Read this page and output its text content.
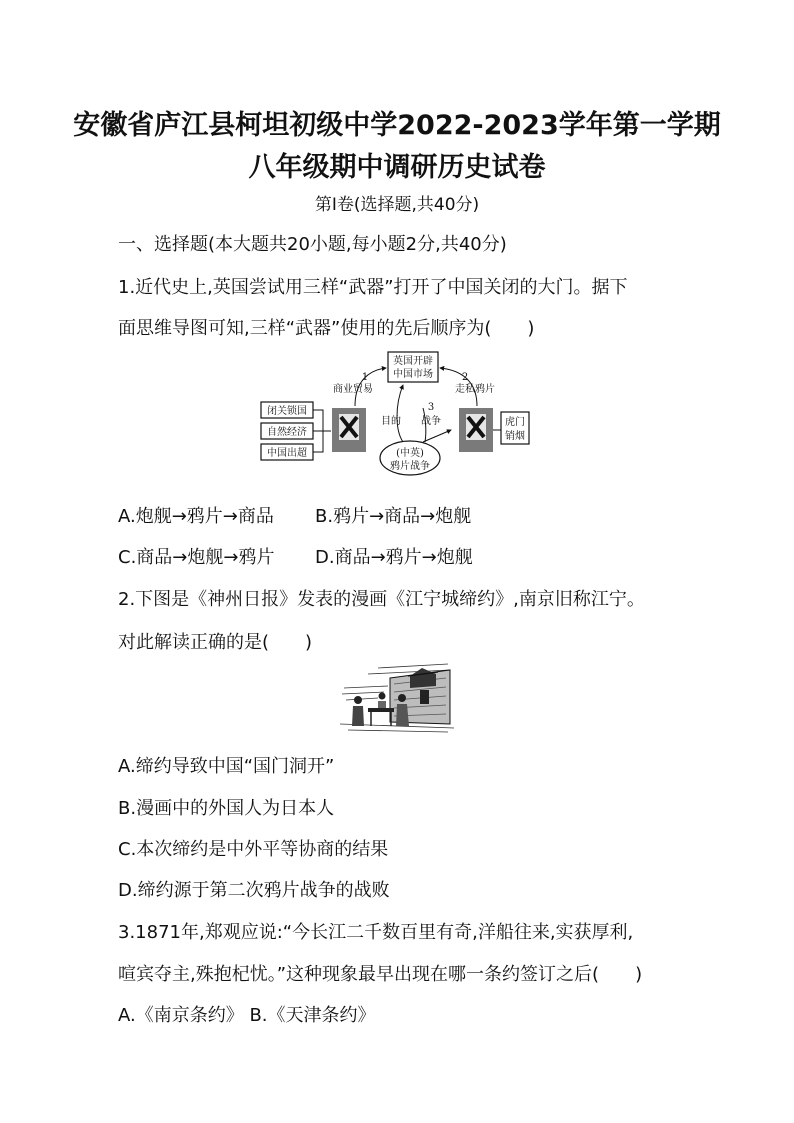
安徽省庐江县柯坦初级中学2022-2023学年第一学期
八年级期中调研历史试卷
第Ⅰ卷(选择题,共40分)
一、选择题(本大题共20小题,每小题2分,共40分)
1.近代史上,英国尝试用三样“武器”打开了中国关闭的大门。据下
面思维导图可知,三样“武器”使用的先后顺序为(　　)
英国开辟
中国市场
1
商业贸易
2
走私鸦片
3
战争
目的
闭关锁国
自然经济
中国出超
虎门
销烟
(中英)
鸦片战争
A.炮舰→鸦片→商品 B.鸦片→商品→炮舰
C.商品→炮舰→鸦片 D.商品→鸦片→炮舰
2.下图是《神州日报》发表的漫画《江宁城缔约》,南京旧称江宁。
对此解读正确的是(　　)
A.缔约导致中国“国门洞开”
B.漫画中的外国人为日本人
C.本次缔约是中外平等协商的结果
D.缔约源于第二次鸦片战争的战败
3.1871年,郑观应说:“今长江二千数百里有奇,洋船往来,实获厚利,
喧宾夺主,殊抱杞忧。”这种现象最早出现在哪一条约签订之后(　　)
A.《南京条约》 B.《天津条约》
